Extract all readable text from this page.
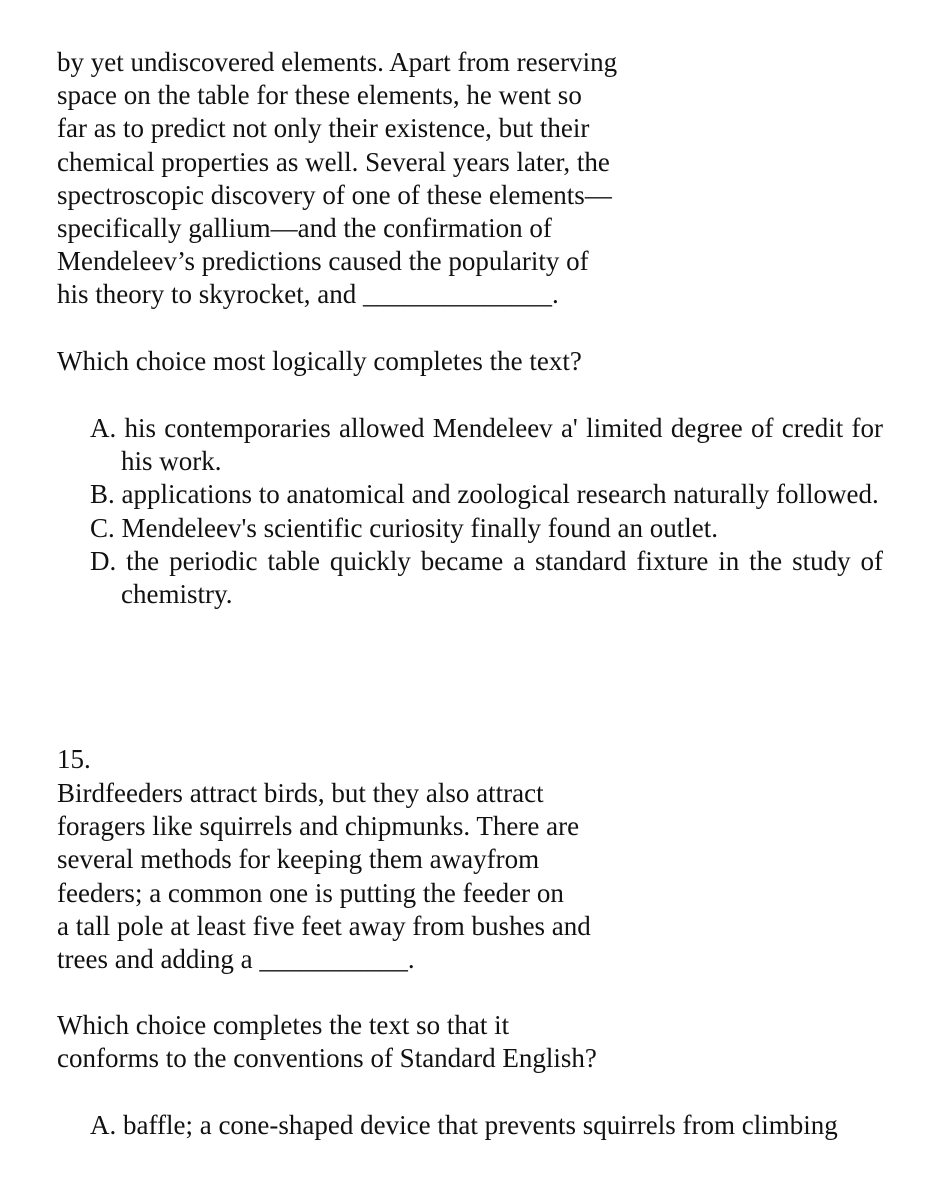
by yet undiscovered elements. Apart from reserving
space on the table for these elements, he went so
far as to predict not only their existence, but their
chemical properties as well. Several years later, the
spectroscopic discovery of one of these elements—
specifically gallium—and the confirmation of
Mendeleev’s predictions caused the popularity of
his theory to skyrocket, and ______________.
Which choice most logically completes the text?
A. his contemporaries allowed Mendeleev a' limited degree of credit for his work.
B. applications to anatomical and zoological research naturally followed.
C. Mendeleev's scientific curiosity finally found an outlet.
D. the periodic table quickly became a standard fixture in the study of chemistry.
15.
Birdfeeders attract birds, but they also attract
foragers like squirrels and chipmunks. There are
several methods for keeping them awayfrom
feeders; a common one is putting the feeder on
a tall pole at least five feet away from bushes and
trees and adding a ___________.
Which choice completes the text so that it
conforms to the conventions of Standard English?
A. baffle; a cone-shaped device that prevents squirrels from climbing
